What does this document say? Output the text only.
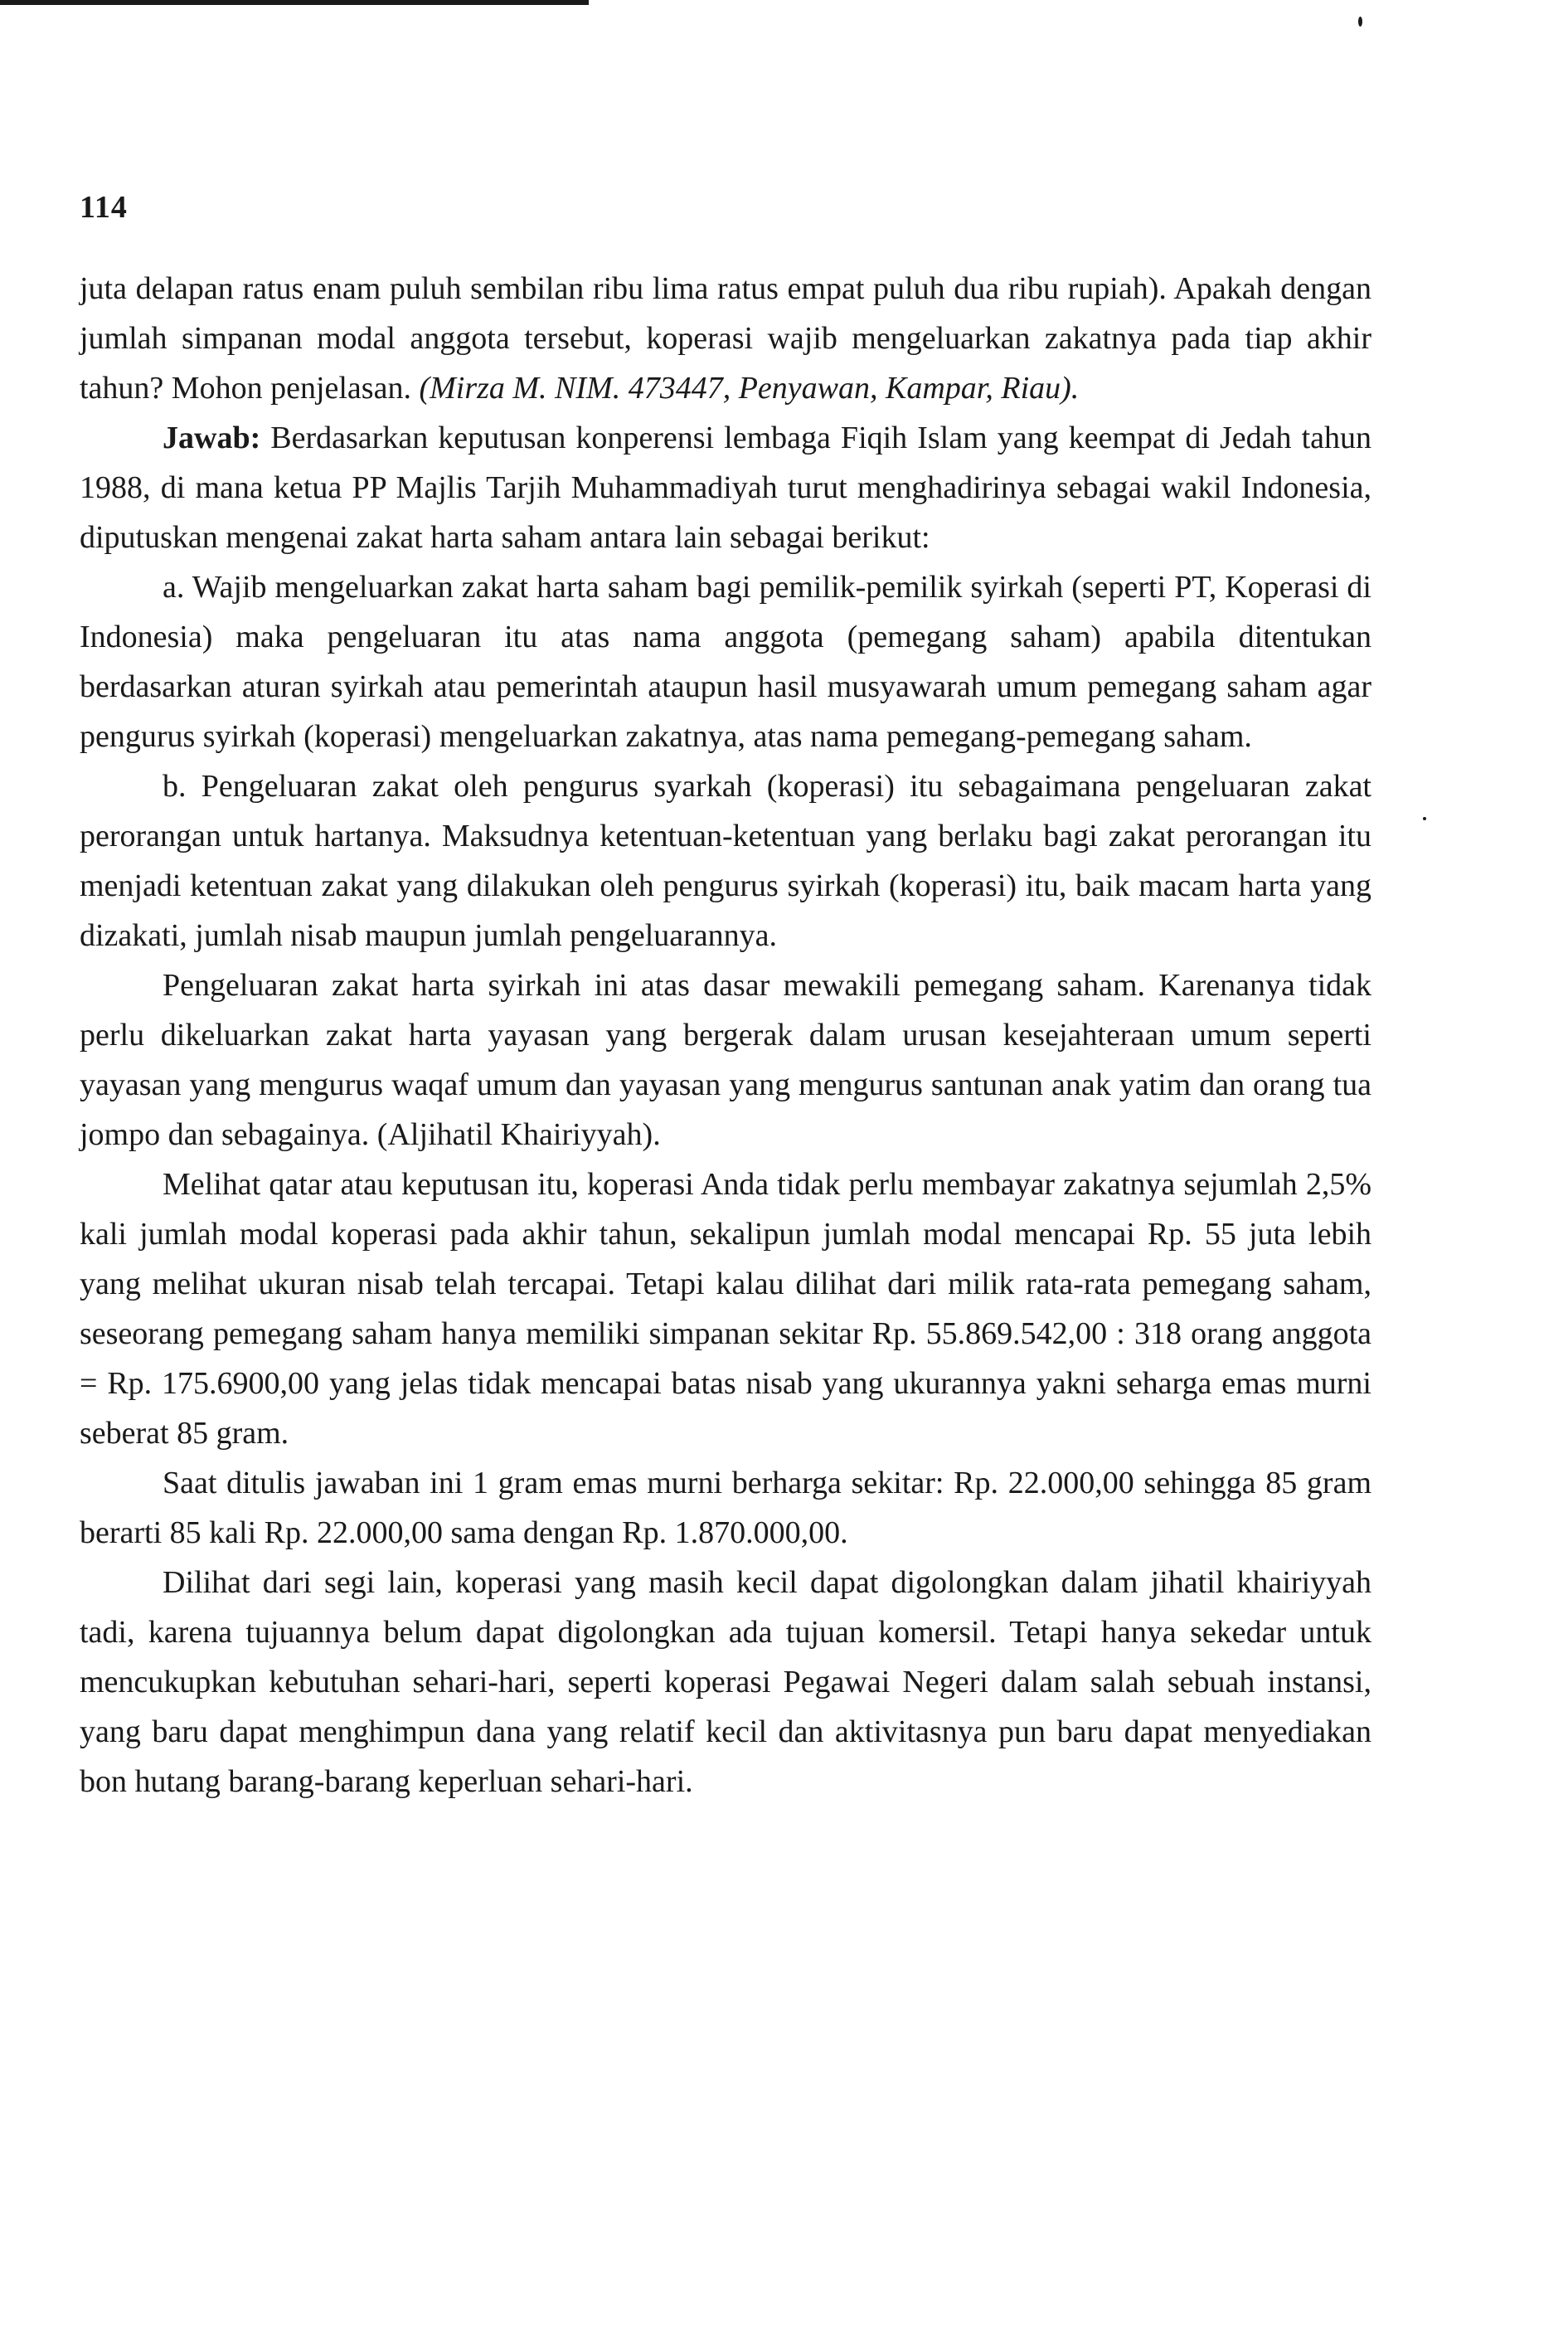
114

juta delapan ratus enam puluh sembilan ribu lima ratus empat puluh dua ribu rupiah). Apakah dengan jumlah simpanan modal anggota tersebut, koperasi wajib mengeluarkan zakatnya pada tiap akhir tahun? Mohon penjelasan. (Mirza M. NIM. 473447, Penyawan, Kampar, Riau).

Jawab: Berdasarkan keputusan konperensi lembaga Fiqih Islam yang keempat di Jedah tahun 1988, di mana ketua PP Majlis Tarjih Muhammadiyah turut menghadirinya sebagai wakil Indonesia, diputuskan mengenai zakat harta saham antara lain sebagai berikut:

a. Wajib mengeluarkan zakat harta saham bagi pemilik-pemilik syirkah (seperti PT, Koperasi di Indonesia) maka pengeluaran itu atas nama anggota (pemegang saham) apabila ditentukan berdasarkan aturan syirkah atau pemerintah ataupun hasil musyawarah umum pemegang saham agar pengurus syirkah (koperasi) mengeluarkan zakatnya, atas nama pemegang-pemegang saham.

b. Pengeluaran zakat oleh pengurus syarkah (koperasi) itu sebagaimana pengeluaran zakat perorangan untuk hartanya. Maksudnya ketentuan-ketentuan yang berlaku bagi zakat perorangan itu menjadi ketentuan zakat yang dilakukan oleh pengurus syirkah (koperasi) itu, baik macam harta yang dizakati, jumlah nisab maupun jumlah pengeluarannya.

Pengeluaran zakat harta syirkah ini atas dasar mewakili pemegang saham. Karenanya tidak perlu dikeluarkan zakat harta yayasan yang bergerak dalam urusan kesejahteraan umum seperti yayasan yang mengurus waqaf umum dan yayasan yang mengurus santunan anak yatim dan orang tua jompo dan sebagainya. (Aljihatil Khairiyyah).

Melihat qatar atau keputusan itu, koperasi Anda tidak perlu membayar zakatnya sejumlah 2,5% kali jumlah modal koperasi pada akhir tahun, sekalipun jumlah modal mencapai Rp. 55 juta lebih yang melihat ukuran nisab telah tercapai. Tetapi kalau dilihat dari milik rata-rata pemegang saham, seseorang pemegang saham hanya memiliki simpanan sekitar Rp. 55.869.542,00 : 318 orang anggota = Rp. 175.6900,00 yang jelas tidak mencapai batas nisab yang ukurannya yakni seharga emas murni seberat 85 gram.

Saat ditulis jawaban ini 1 gram emas murni berharga sekitar: Rp. 22.000,00 sehingga 85 gram berarti 85 kali Rp. 22.000,00 sama dengan Rp. 1.870.000,00.

Dilihat dari segi lain, koperasi yang masih kecil dapat digolongkan dalam jihatil khairiyyah tadi, karena tujuannya belum dapat digolongkan ada tujuan komersil. Tetapi hanya sekedar untuk mencukupkan kebutuhan sehari-hari, seperti koperasi Pegawai Negeri dalam salah sebuah instansi, yang baru dapat menghimpun dana yang relatif kecil dan aktivitasnya pun baru dapat menyediakan bon hutang barang-barang keperluan sehari-hari.
